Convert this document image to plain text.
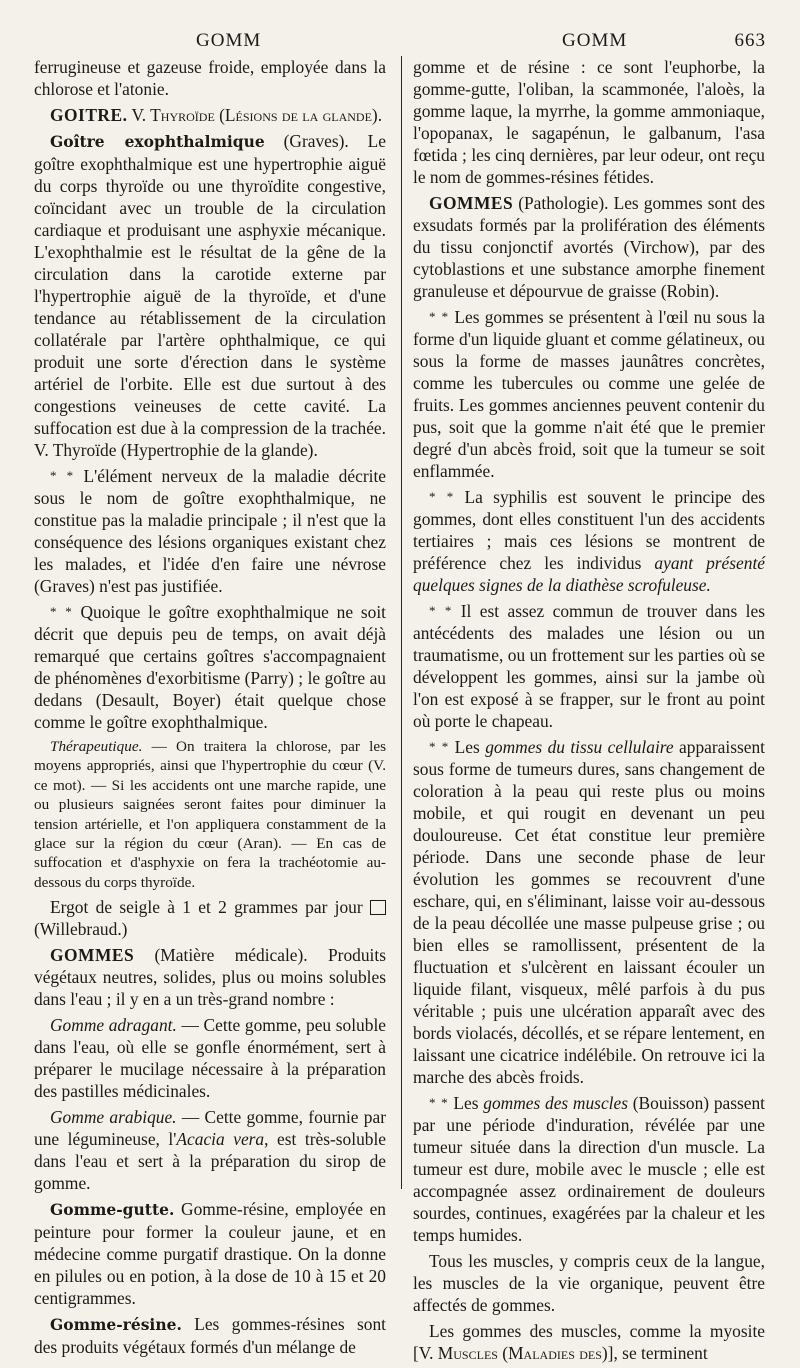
GOMM	GOMM	663

ferrugineuse et gazeuse froide, employée dans la chlorose et l'atonie.

GOITRE. V. Thyroïde (Lésions de la glande).

Goître exophthalmique (Graves). Le goître exophthalmique est une hypertrophie aiguë du corps thyroïde ou une thyroïdite congestive, coïncidant avec un trouble de la circulation cardiaque et produisant une asphyxie mécanique. L'exophthalmie est le résultat de la gêne de la circulation dans la carotide externe par l'hypertrophie aiguë de la thyroïde, et d'une tendance au rétablissement de la circulation collatérale par l'artère ophthalmique, ce qui produit une sorte d'érection dans le système artériel de l'orbite. Elle est due surtout à des congestions veineuses de cette cavité. La suffocation est due à la compression de la trachée. V. Thyroïde (Hypertrophie de la glande).

* * L'élément nerveux de la maladie décrite sous le nom de goître exophthalmique, ne constitue pas la maladie principale ; il n'est que la conséquence des lésions organiques existant chez les malades, et l'idée d'en faire une névrose (Graves) n'est pas justifiée.

* * Quoique le goître exophthalmique ne soit décrit que depuis peu de temps, on avait déjà remarqué que certains goîtres s'accompagnaient de phénomènes d'exorbitisme (Parry) ; le goître au dedans (Desault, Boyer) était quelque chose comme le goître exophthalmique.

Thérapeutique. — On traitera la chlorose, par les moyens appropriés, ainsi que l'hypertrophie du cœur (V. ce mot). — Si les accidents ont une marche rapide, une ou plusieurs saignées seront faites pour diminuer la tension artérielle, et l'on appliquera constamment de la glace sur la région du cœur (Aran). — En cas de suffocation et d'asphyxie on fera la trachéotomie au-dessous du corps thyroïde.

Ergot de seigle à 1 et 2 grammes par jour  (Willebraud.)

GOMMES (Matière médicale). Produits végétaux neutres, solides, plus ou moins solubles dans l'eau ; il y en a un très-grand nombre :

Gomme adragant. — Cette gomme, peu soluble dans l'eau, où elle se gonfle énormément, sert à préparer le mucilage nécessaire à la préparation des pastilles médicinales.

Gomme arabique. — Cette gomme, fournie par une légumineuse, l'Acacia vera, est très-soluble dans l'eau et sert à la préparation du sirop de gomme.

Gomme-gutte. Gomme-résine, employée en peinture pour former la couleur jaune, et en médecine comme purgatif drastique. On la donne en pilules ou en potion, à la dose de 10 à 15 et 20 centigrammes.

Gomme-résine. Les gommes-résines sont des produits végétaux formés d'un mélange de

gomme et de résine : ce sont l'euphorbe, la gomme-gutte, l'oliban, la scammonée, l'aloès, la gomme laque, la myrrhe, la gomme ammoniaque, l'opopanax, le sagapénun, le galbanum, l'asa fœtida ; les cinq dernières, par leur odeur, ont reçu le nom de gommes-résines fétides.

GOMMES (Pathologie). Les gommes sont des exsudats formés par la prolifération des éléments du tissu conjonctif avortés (Virchow), par des cytoblastions et une substance amorphe finement granuleuse et dépourvue de graisse (Robin).

* * Les gommes se présentent à l'œil nu sous la forme d'un liquide gluant et comme gélatineux, ou sous la forme de masses jaunâtres concrètes, comme les tubercules ou comme une gelée de fruits. Les gommes anciennes peuvent contenir du pus, soit que la gomme n'ait été que le premier degré d'un abcès froid, soit que la tumeur se soit enflammée.

* * La syphilis est souvent le principe des gommes, dont elles constituent l'un des accidents tertiaires ; mais ces lésions se montrent de préférence chez les individus ayant présenté quelques signes de la diathèse scrofuleuse.

* * Il est assez commun de trouver dans les antécédents des malades une lésion ou un traumatisme, ou un frottement sur les parties où se développent les gommes, ainsi sur la jambe où l'on est exposé à se frapper, sur le front au point où porte le chapeau.

* * Les gommes du tissu cellulaire apparaissent sous forme de tumeurs dures, sans changement de coloration à la peau qui reste plus ou moins mobile, et qui rougit en devenant un peu douloureuse. Cet état constitue leur première période. Dans une seconde phase de leur évolution les gommes se recouvrent d'une eschare, qui, en s'éliminant, laisse voir au-dessous de la peau décollée une masse pulpeuse grise ; ou bien elles se ramollissent, présentent de la fluctuation et s'ulcèrent en laissant écouler un liquide filant, visqueux, mêlé parfois à du pus véritable ; puis une ulcération apparaît avec des bords violacés, décollés, et se répare lentement, en laissant une cicatrice indélébile. On retrouve ici la marche des abcès froids.

* * Les gommes des muscles (Bouisson) passent par une période d'induration, révélée par une tumeur située dans la direction d'un muscle. La tumeur est dure, mobile avec le muscle ; elle est accompagnée assez ordinairement de douleurs sourdes, continues, exagérées par la chaleur et les temps humides.

Tous les muscles, y compris ceux de la langue, les muscles de la vie organique, peuvent être affectés de gommes.

Les gommes des muscles, comme la myosite [V. Muscles (Maladies des)], se terminent
